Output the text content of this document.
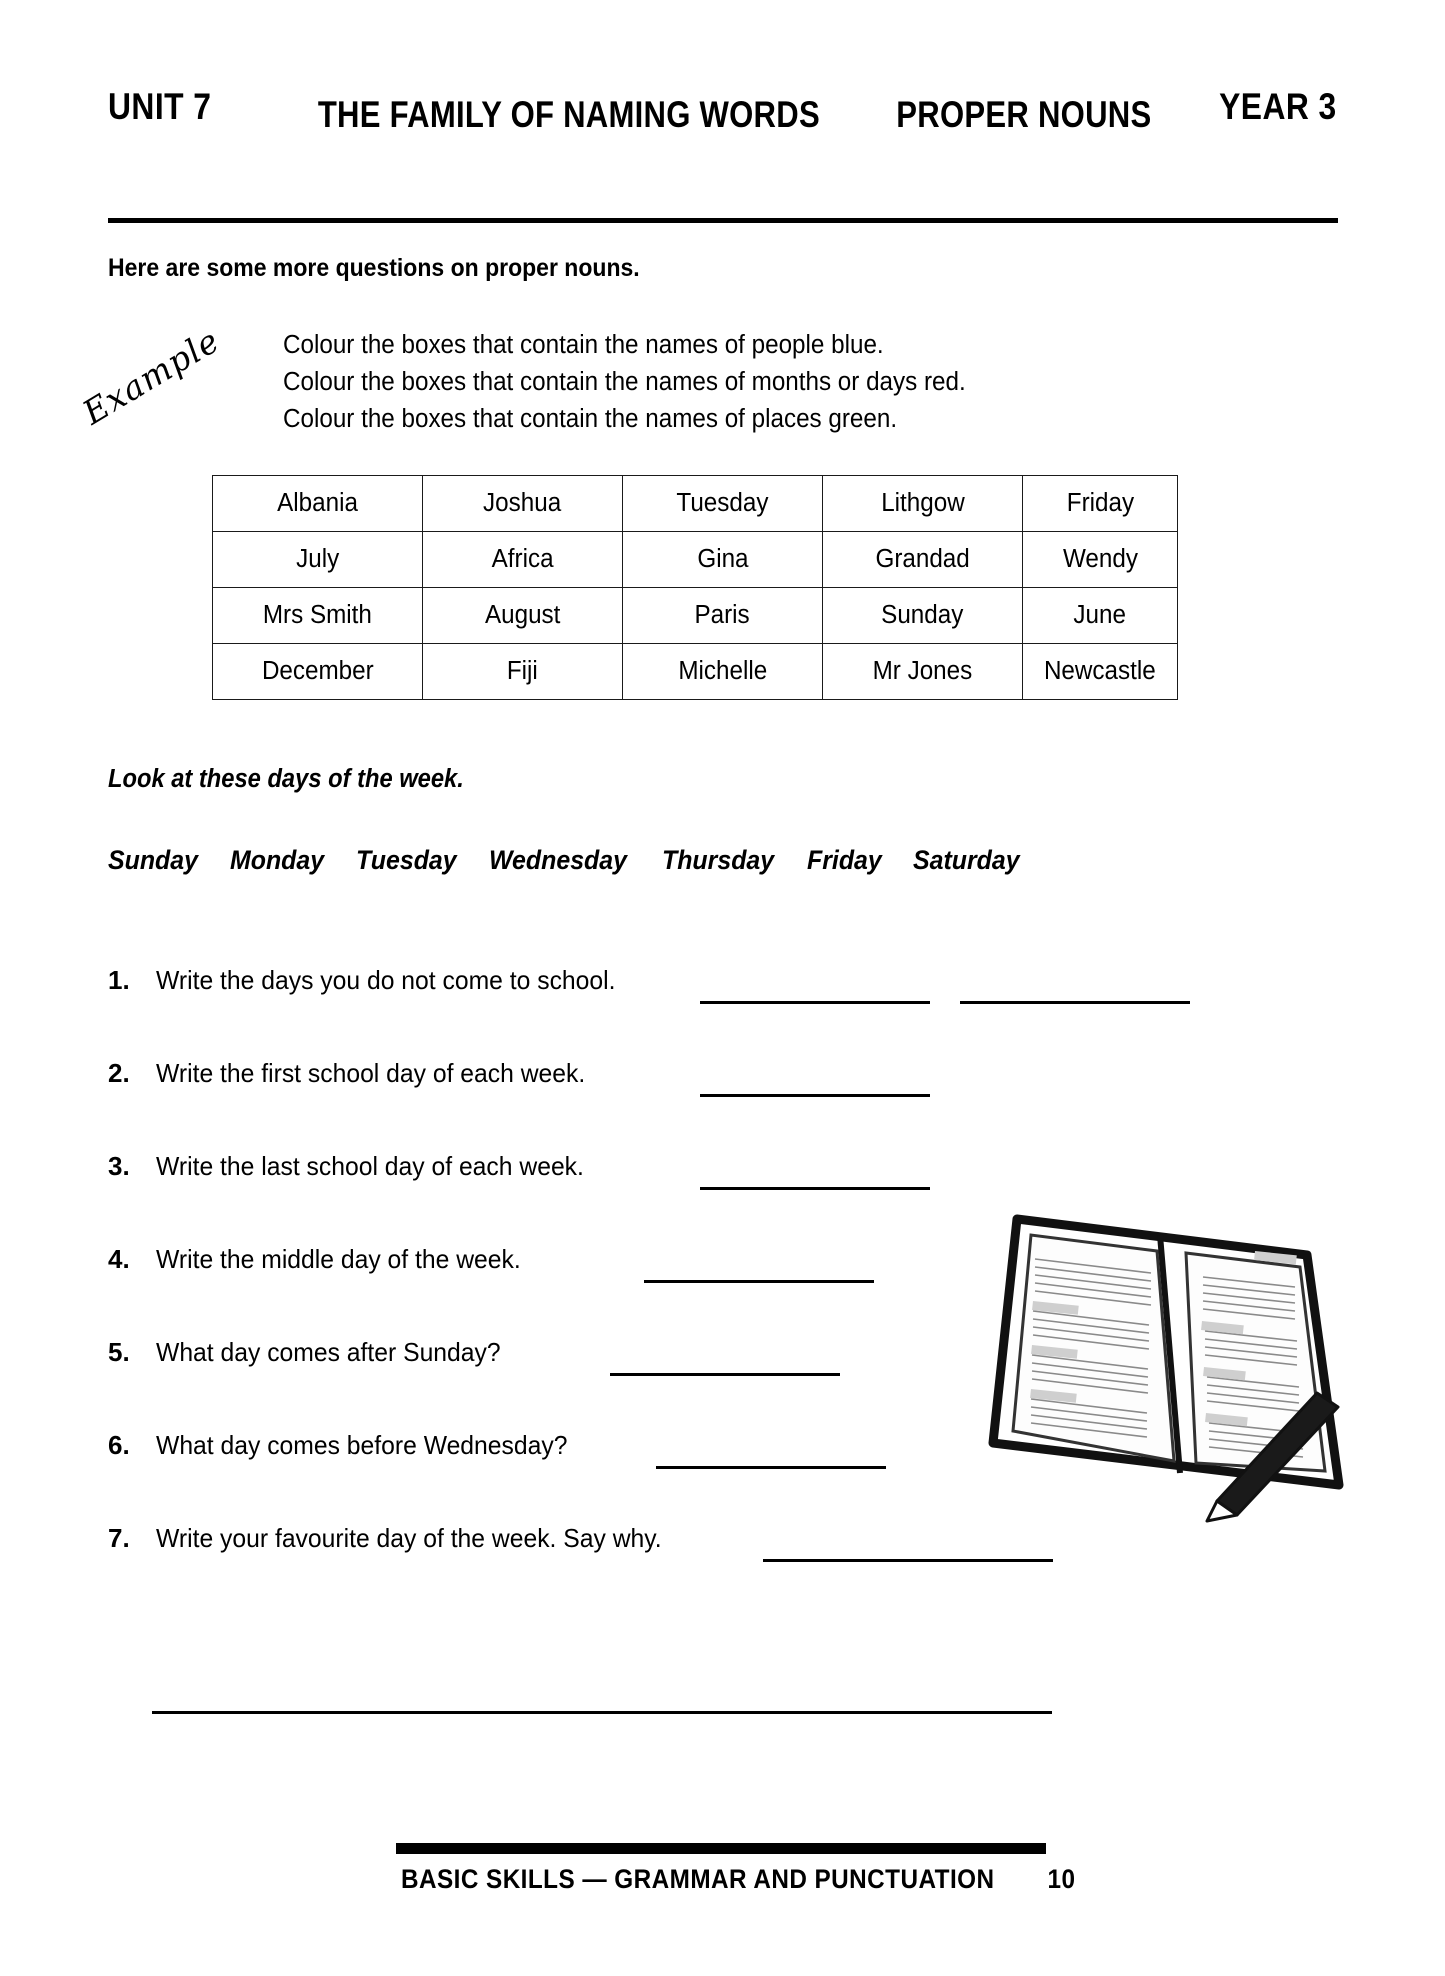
UNIT 7	THE FAMILY OF NAMING WORDS PROPER NOUNS	YEAR 3
Here are some more questions on proper nouns.
Example Colour the boxes that contain the names of people blue.
Colour the boxes that contain the names of months or days red.
Colour the boxes that contain the names of places green.
Albania	Joshua	Tuesday	Lithgow	Friday
July	Africa	Gina	Grandad	Wendy
Mrs Smith	August	Paris	Sunday	June
December	Fiji	Michelle	Mr Jones	Newcastle
Look at these days of the week.
Sunday Monday Tuesday Wednesday Thursday Friday Saturday
1.	Write the days you do not come to school.
2.	Write the first school day of each week.
3.	Write the last school day of each week.
4.	Write the middle day of the week.
5.	What day comes after Sunday?
6.	What day comes before Wednesday?
7.	Write your favourite day of the week. Say why.
BASIC SKILLS — GRAMMAR AND PUNCTUATION 10
